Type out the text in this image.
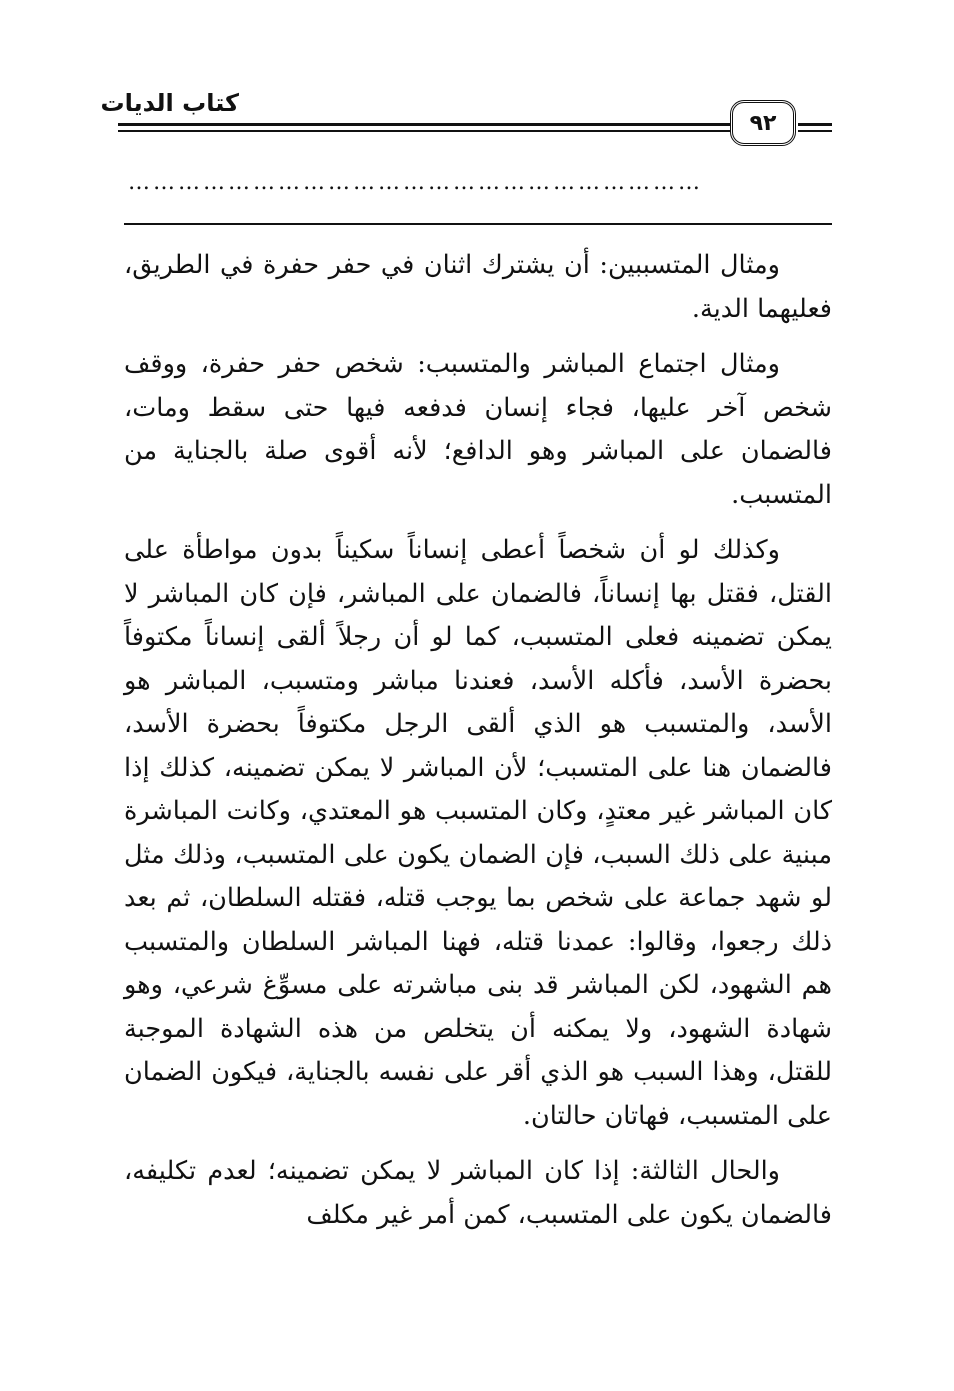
كتاب الديات
٩٢
……………………………………………………………

ومثال المتسببين: أن يشترك اثنان في حفر حفرة في الطريق، فعليهما الدية.

ومثال اجتماع المباشر والمتسبب: شخص حفر حفرة، ووقف شخص آخر عليها، فجاء إنسان فدفعه فيها حتى سقط ومات، فالضمان على المباشر وهو الدافع؛ لأنه أقوى صلة بالجناية من المتسبب.

وكذلك لو أن شخصاً أعطى إنساناً سكيناً بدون مواطأة على القتل، فقتل بها إنساناً، فالضمان على المباشر، فإن كان المباشر لا يمكن تضمينه فعلى المتسبب، كما لو أن رجلاً ألقى إنساناً مكتوفاً بحضرة الأسد، فأكله الأسد، فعندنا مباشر ومتسبب، المباشر هو الأسد، والمتسبب هو الذي ألقى الرجل مكتوفاً بحضرة الأسد، فالضمان هنا على المتسبب؛ لأن المباشر لا يمكن تضمينه، كذلك إذا كان المباشر غير معتدٍ، وكان المتسبب هو المعتدي، وكانت المباشرة مبنية على ذلك السبب، فإن الضمان يكون على المتسبب، وذلك مثل لو شهد جماعة على شخص بما يوجب قتله، فقتله السلطان، ثم بعد ذلك رجعوا، وقالوا: عمدنا قتله، فهنا المباشر السلطان والمتسبب هم الشهود، لكن المباشر قد بنى مباشرته على مسوِّغ شرعي، وهو شهادة الشهود، ولا يمكنه أن يتخلص من هذه الشهادة الموجبة للقتل، وهذا السبب هو الذي أقر على نفسه بالجناية، فيكون الضمان على المتسبب، فهاتان حالتان.

والحال الثالثة: إذا كان المباشر لا يمكن تضمينه؛ لعدم تكليفه، فالضمان يكون على المتسبب، كمن أمر غير مكلف
